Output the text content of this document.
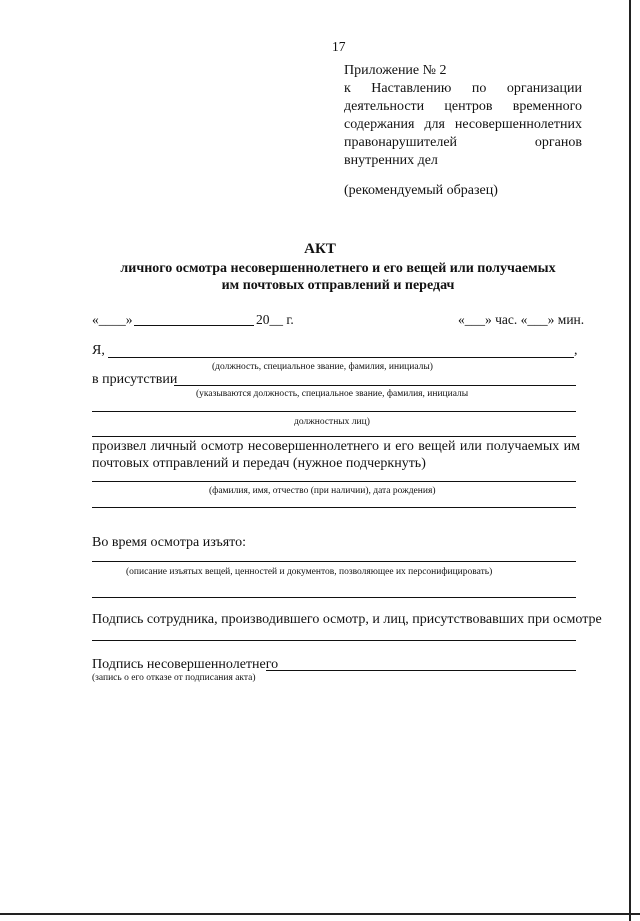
17
Приложение № 2
к Наставлению по организации
деятельности центров временного
содержания для несовершеннолетних
правонарушителей органов
внутренних дел
(рекомендуемый образец)
АКТ
личного осмотра несовершеннолетнего и его вещей или получаемых
им почтовых отправлений и передач
«____»	20__ г.	«___» час. «___» мин.
Я,	,
(должность, специальное звание, фамилия, инициалы)
в присутствии
(указываются должность, специальное звание, фамилия, инициалы
должностных лиц)
произвел личный осмотр несовершеннолетнего и его вещей или получаемых им
почтовых отправлений и передач (нужное подчеркнуть)
(фамилия, имя, отчество (при наличии), дата рождения)
Во время осмотра изъято:
(описание изъятых вещей, ценностей и документов, позволяющее их персонифицировать)
Подпись сотрудника, производившего осмотр, и лиц, присутствовавших при осмотре
Подпись несовершеннолетнего
(запись о его отказе от подписания акта)
